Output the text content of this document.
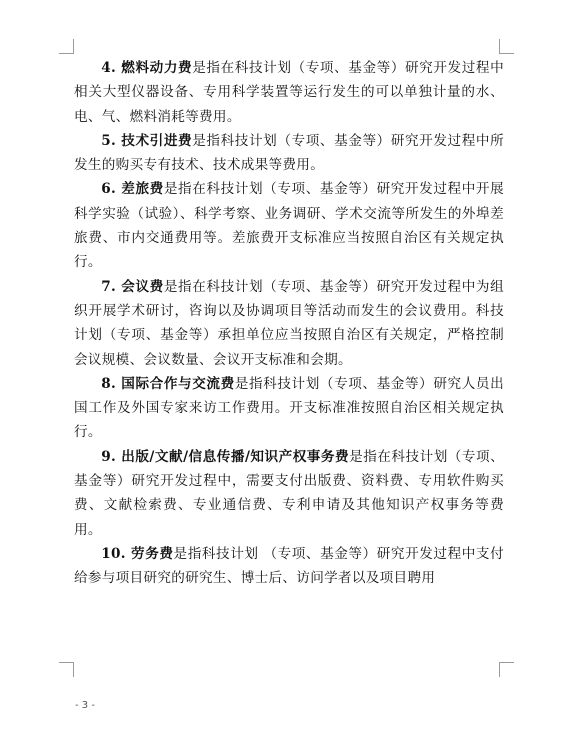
4. 燃料动力费是指在科技计划（专项、基金等）研究开发过程中相关大型仪器设备、专用科学装置等运行发生的可以单独计量的水、电、气、燃料消耗等费用。

5. 技术引进费是指科技计划（专项、基金等）研究开发过程中所发生的购买专有技术、技术成果等费用。

6. 差旅费是指在科技计划（专项、基金等）研究开发过程中开展科学实验（试验）、科学考察、业务调研、学术交流等所发生的外埠差旅费、市内交通费用等。差旅费开支标准应当按照自治区有关规定执行。

7. 会议费是指在科技计划（专项、基金等）研究开发过程中为组织开展学术研讨，咨询以及协调项目等活动而发生的会议费用。科技计划（专项、基金等）承担单位应当按照自治区有关规定，严格控制会议规模、会议数量、会议开支标准和会期。

8. 国际合作与交流费是指科技计划（专项、基金等）研究人员出国工作及外国专家来访工作费用。开支标准准按照自治区相关规定执行。

9. 出版/文献/信息传播/知识产权事务费是指在科技计划（专项、基金等）研究开发过程中，需要支付出版费、资料费、专用软件购买费、文献检索费、专业通信费、专利申请及其他知识产权事务等费用。

10. 劳务费是指科技计划 （专项、基金等）研究开发过程中支付给参与项目研究的研究生、博士后、访问学者以及项目聘用

- 3 -
